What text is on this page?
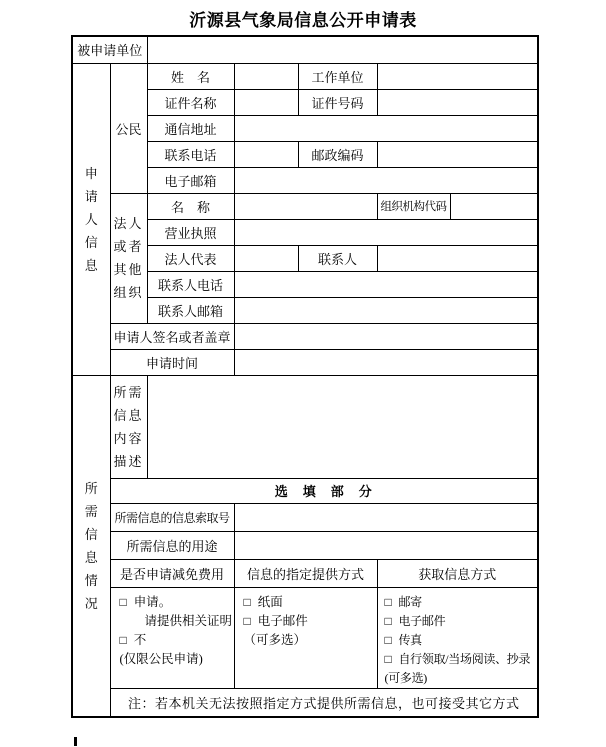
沂源县气象局信息公开申请表
被申请单位						

申请人信息	公民	姓　名		工作单位		
		证件名称		证件号码		
		通信地址				
		联系电话		邮政编码		
		电子邮箱				

	法人或者其他组织	名　称			组织机构代码	
		营业执照				
		法人代表		联系人		
		联系人电话				
		联系人邮箱				
	申请人签名或者盖章					
	申请时间					

所需信息情况	所需信息内容描述					

	选　填　部　分					
	所需信息的信息索取号					
	所需信息的用途					
	是否申请减免费用		信息的指定提供方式		获取信息方式	

□ 申请。
请提供相关证明
□ 不
(仅限公民申请)

□ 纸面
□ 电子邮件
（可多选）

□ 邮寄
□ 电子邮件
□ 传真
□ 自行领取/当场阅读、抄录
(可多选)

	注：若本机关无法按照指定方式提供所需信息，也可接受其它方式					
